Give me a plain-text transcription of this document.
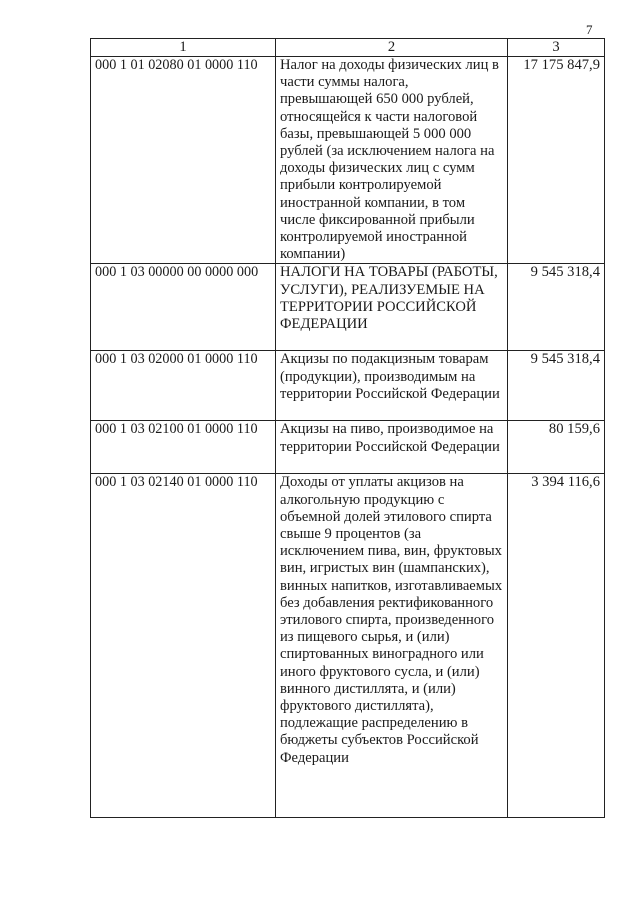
7
1	2	3
000 1 01 02080 01 0000 110	Налог на доходы физических лиц в части суммы налога, превышающей 650 000 рублей, относящейся к части налоговой базы, превышающей 5 000 000 рублей (за исключением налога на доходы физических лиц с сумм прибыли контролируемой иностранной компании, в том числе фиксированной прибыли контролируемой иностранной компании)	17 175 847,9
000 1 03 00000 00 0000 000	НАЛОГИ НА ТОВАРЫ (РАБОТЫ, УСЛУГИ), РЕАЛИЗУЕМЫЕ НА ТЕРРИТОРИИ РОССИЙСКОЙ ФЕДЕРАЦИИ	9 545 318,4
000 1 03 02000 01 0000 110	Акцизы по подакцизным товарам (продукции), производимым на территории Российской Федерации	9 545 318,4
000 1 03 02100 01 0000 110	Акцизы на пиво, производимое на территории Российской Федерации	80 159,6
000 1 03 02140 01 0000 110	Доходы от уплаты акцизов на алкогольную продукцию с объемной долей этилового спирта свыше 9 процентов (за исключением пива, вин, фруктовых вин, игристых вин (шампанских), винных напитков, изготавливаемых без добавления ректификованного этилового спирта, произведенного из пищевого сырья, и (или) спиртованных виноградного или иного фруктового сусла, и (или) винного дистиллята, и (или) фруктового дистиллята), подлежащие распределению в бюджеты субъектов Российской Федерации	3 394 116,6
